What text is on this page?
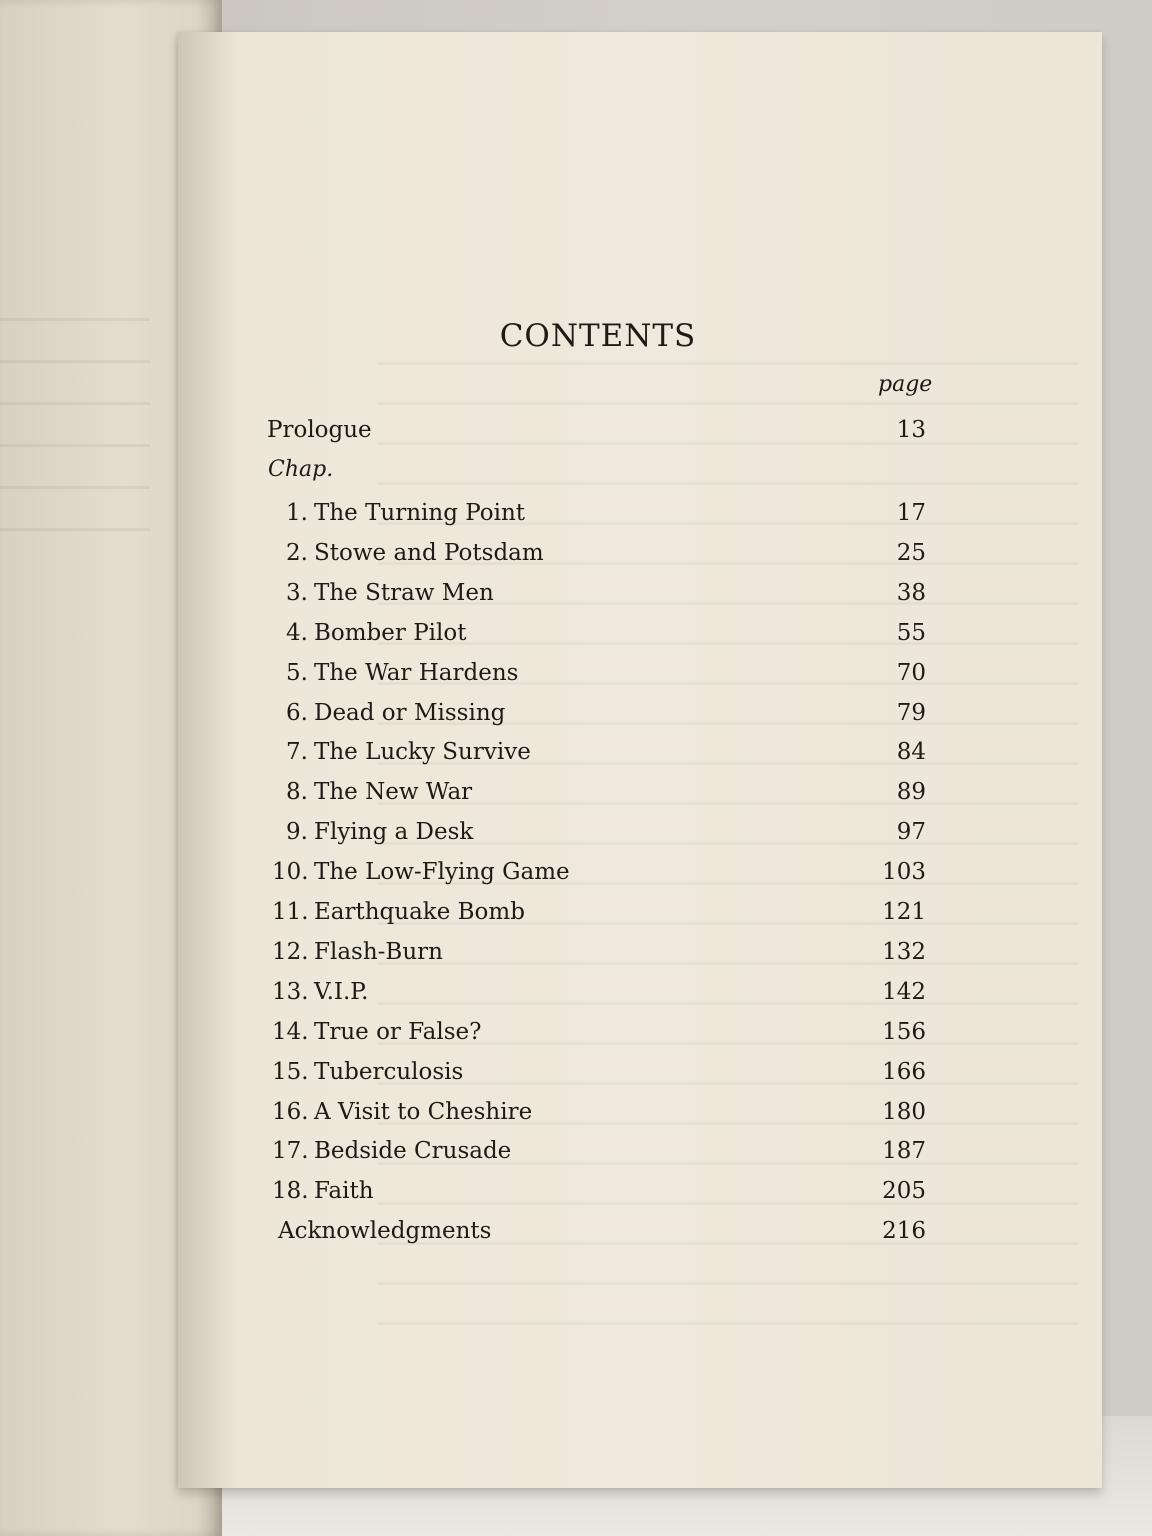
CONTENTS
page
Prologue	13
Chap.
1. The Turning Point	17
2. Stowe and Potsdam	25
3. The Straw Men	38
4. Bomber Pilot	55
5. The War Hardens	70
6. Dead or Missing	79
7. The Lucky Survive	84
8. The New War	89
9. Flying a Desk	97
10. The Low-Flying Game	103
11. Earthquake Bomb	121
12. Flash-Burn	132
13. V.I.P.	142
14. True or False?	156
15. Tuberculosis	166
16. A Visit to Cheshire	180
17. Bedside Crusade	187
18. Faith	205
Acknowledgments	216
